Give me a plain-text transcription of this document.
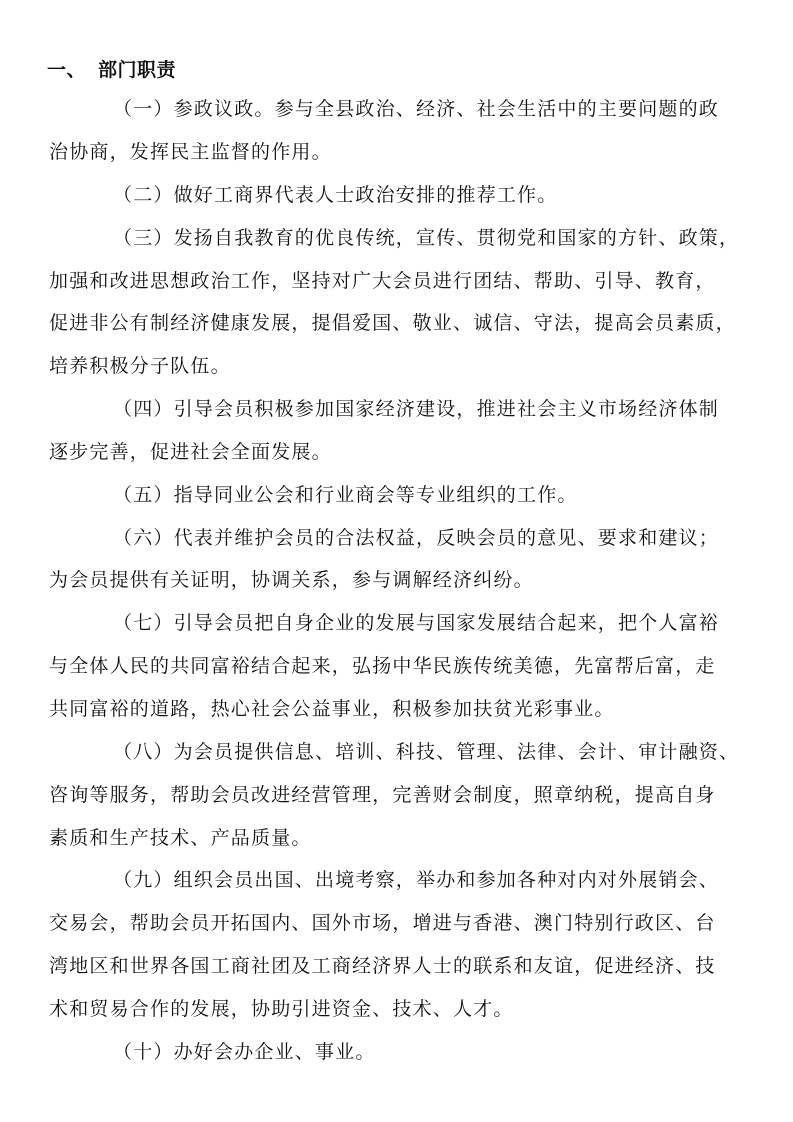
一、 部门职责
（一）参政议政。参与全县政治、经济、社会生活中的主要问题的政
治协商，发挥民主监督的作用。
（二）做好工商界代表人士政治安排的推荐工作。
（三）发扬自我教育的优良传统，宣传、贯彻党和国家的方针、政策，
加强和改进思想政治工作，坚持对广大会员进行团结、帮助、引导、教育，
促进非公有制经济健康发展，提倡爱国、敬业、诚信、守法，提高会员素质，
培养积极分子队伍。
（四）引导会员积极参加国家经济建设，推进社会主义市场经济体制
逐步完善，促进社会全面发展。
（五）指导同业公会和行业商会等专业组织的工作。
（六）代表并维护会员的合法权益，反映会员的意见、要求和建议；
为会员提供有关证明，协调关系，参与调解经济纠纷。
（七）引导会员把自身企业的发展与国家发展结合起来，把个人富裕
与全体人民的共同富裕结合起来，弘扬中华民族传统美德，先富帮后富，走
共同富裕的道路，热心社会公益事业，积极参加扶贫光彩事业。
（八）为会员提供信息、培训、科技、管理、法律、会计、审计融资、
咨询等服务，帮助会员改进经营管理，完善财会制度，照章纳税，提高自身
素质和生产技术、产品质量。
（九）组织会员出国、出境考察，举办和参加各种对内对外展销会、
交易会，帮助会员开拓国内、国外市场，增进与香港、澳门特别行政区、台
湾地区和世界各国工商社团及工商经济界人士的联系和友谊，促进经济、技
术和贸易合作的发展，协助引进资金、技术、人才。
（十）办好会办企业、事业。
